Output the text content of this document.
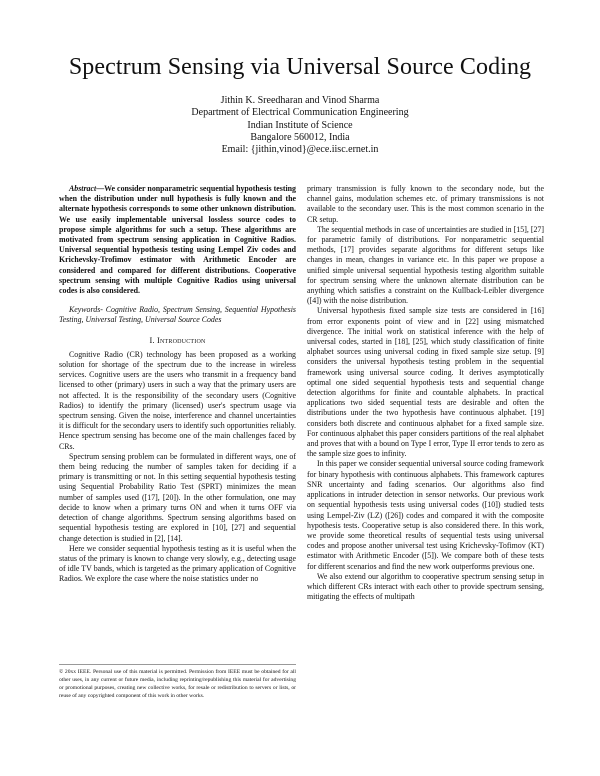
Spectrum Sensing via Universal Source Coding
Jithin K. Sreedharan and Vinod Sharma
Department of Electrical Communication Engineering
Indian Institute of Science
Bangalore 560012, India
Email: {jithin,vinod}@ece.iisc.ernet.in

Abstract—We consider nonparametric sequential hypothesis testing when the distribution under null hypothesis is fully known and the alternate hypothesis corresponds to some other unknown distribution. We use easily implementable universal lossless source codes to propose simple algorithms for such a setup. These algorithms are motivated from spectrum sensing application in Cognitive Radios. Universal sequential hypothesis testing using Lempel Ziv codes and Krichevsky-Trofimov estimator with Arithmetic Encoder are considered and compared for different distributions. Cooperative spectrum sensing with multiple Cognitive Radios using universal codes is also considered.

Keywords- Cognitive Radio, Spectrum Sensing, Sequential Hypothesis Testing, Universal Testing, Universal Source Codes

I. Introduction

Cognitive Radio (CR) technology has been proposed as a working solution for shortage of the spectrum due to the increase in wireless services. Cognitive users are the users who transmit in a frequency band licensed to other (primary) users in such a way that the primary users are not affected. It is the responsibility of the secondary users (Cognitive Radios) to identify the primary (licensed) user's spectrum usage via spectrum sensing. Given the noise, interference and channel uncertainties it is difficult for the secondary users to identify such opportunities reliably. Hence spectrum sensing has become one of the main challenges faced by CRs.

Spectrum sensing problem can be formulated in different ways, one of them being reducing the number of samples taken for deciding if a primary is transmitting or not. In this setting sequential hypothesis testing using Sequential Probability Ratio Test (SPRT) minimizes the mean number of samples used ([17], [20]). In the other formulation, one may decide to know when a primary turns ON and when it turns OFF via detection of change algorithms. Spectrum sensing algorithms based on sequential hypothesis testing are explored in [10], [27] and sequential change detection is studied in [2], [14].

Here we consider sequential hypothesis testing as it is useful when the status of the primary is known to change very slowly, e.g., detecting usage of idle TV bands, which is targeted as the primary application of Cognitive Radios. We explore the case where the noise statistics under no

primary transmission is fully known to the secondary node, but the channel gains, modulation schemes etc. of primary transmissions is not available to the secondary user. This is the most common scenario in the CR setup.

The sequential methods in case of uncertainties are studied in [15], [27] for parametric family of distributions. For nonparametric sequential methods, [17] provides separate algorithms for different setups like changes in mean, changes in variance etc. In this paper we propose a unified simple universal sequential hypothesis testing algorithm suitable for spectrum sensing where the unknown alternate distribution can be anything which satisfies a constraint on the Kullback-Leibler divergence ([4]) with the noise distribution.

Universal hypothesis fixed sample size tests are considered in [16] from error exponents point of view and in [22] using mismatched divergence. The initial work on statistical inference with the help of universal codes, started in [18], [25], which study classification of finite alphabet sources using universal coding in fixed sample size setup. [9] considers the universal hypothesis testing problem in the sequential framework using universal source coding. It derives asymptotically optimal one sided sequential hypothesis tests and sequential change detection algorithms for finite and countable alphabets. In practical applications two sided sequential tests are desirable and often the distributions under the two hypothesis have continuous alphabet. [19] considers both discrete and continuous alphabet for a fixed sample size. For continuous alphabet this paper considers partitions of the real alphabet and proves that with a bound on Type I error, Type II error tends to zero as the sample size goes to infinity.

In this paper we consider sequential universal source coding framework for binary hypothesis with continuous alphabets. This framework captures SNR uncertainty and fading scenarios. Our algorithms also find applications in intruder detection in sensor networks. Our previous work on sequential hypothesis tests using universal codes ([10]) studied tests using Lempel-Ziv (LZ) ([26]) codes and compared it with the composite hypothesis tests. Cooperative setup is also considered there. In this work, we provide some theoretical results of sequential tests using universal codes and propose another universal test using Krichevsky-Tofimov (KT) estimator with Arithmetic Encoder ([5]). We compare both of these tests for different scenarios and find the new work outperforms previous one.

We also extend our algorithm to cooperative spectrum sensing setup in which different CRs interact with each other to provide spectrum sensing, mitigating the effects of multipath

© 20xx IEEE. Personal use of this material is permitted. Permission from IEEE must be obtained for all other uses, in any current or future media, including reprinting/republishing this material for advertising or promotional purposes, creating new collective works, for resale or redistribution to servers or lists, or reuse of any copyrighted component of this work in other works.
